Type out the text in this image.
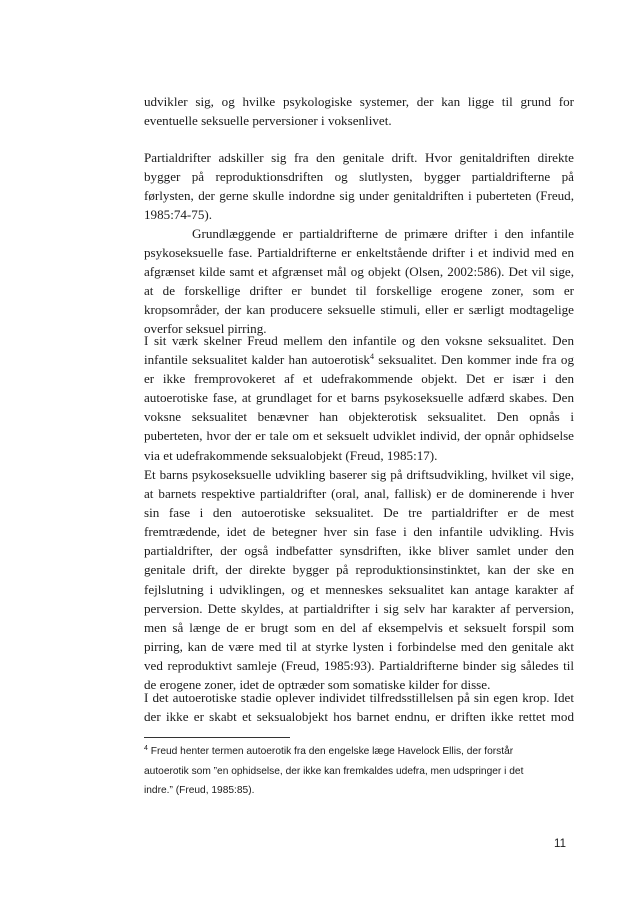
udvikler sig, og hvilke psykologiske systemer, der kan ligge til grund for
eventuelle seksuelle perversioner i voksenlivet.
Partialdrifter adskiller sig fra den genitale drift. Hvor genitaldriften direkte
bygger på reproduktionsdriften og slutlysten, bygger partialdrifterne på
førlysten, der gerne skulle indordne sig under genitaldriften i puberteten (Freud,
1985:74-75).
Grundlæggende er partialdrifterne de primære drifter i den infantile
psykoseksuelle fase. Partialdrifterne er enkeltstående drifter i et individ med en
afgrænset kilde samt et afgrænset mål og objekt (Olsen, 2002:586). Det vil sige,
at de forskellige drifter er bundet til forskellige erogene zoner, som er
kropsområder, der kan producere seksuelle stimuli, eller er særligt modtagelige
overfor seksuel pirring.
I sit værk skelner Freud mellem den infantile og den voksne seksualitet. Den
infantile seksualitet kalder han autoerotisk$^4$ seksualitet. Den kommer inde fra og
er ikke fremprovokeret af et udefrakommende objekt. Det er især i den
autoerotiske fase, at grundlaget for et barns psykoseksuelle adfærd skabes. Den
voksne seksualitet benævner han objekterotisk seksualitet. Den opnås i
puberteten, hvor der er tale om et seksuelt udviklet individ, der opnår ophidselse
via et udefrakommende seksualobjekt (Freud, 1985:17).
Et barns psykoseksuelle udvikling baserer sig på driftsudvikling, hvilket vil sige,
at barnets respektive partialdrifter (oral, anal, fallisk) er de dominerende i hver
sin fase i den autoerotiske seksualitet. De tre partialdrifter er de mest
fremtrædende, idet de betegner hver sin fase i den infantile udvikling. Hvis
partialdrifter, der også indbefatter synsdriften, ikke bliver samlet under den
genitale drift, der direkte bygger på reproduktionsinstinktet, kan der ske en
fejlslutning i udviklingen, og et menneskes seksualitet kan antage karakter af
perversion. Dette skyldes, at partialdrifter i sig selv har karakter af perversion,
men så længe de er brugt som en del af eksempelvis et seksuelt forspil som
pirring, kan de være med til at styrke lysten i forbindelse med den genitale akt
ved reproduktivt samleje (Freud, 1985:93). Partialdrifterne binder sig således til
de erogene zoner, idet de optræder som somatiske kilder for disse.
I det autoerotiske stadie oplever individet tilfredsstillelsen på sin egen krop. Idet
der ikke er skabt et seksualobjekt hos barnet endnu, er driften ikke rettet mod
$^4$ Freud henter termen autoerotik fra den engelske læge Havelock Ellis, der forstår
autoerotik som ”en ophidselse, der ikke kan fremkaldes udefra, men udspringer i det
indre.” (Freud, 1985:85).
11
